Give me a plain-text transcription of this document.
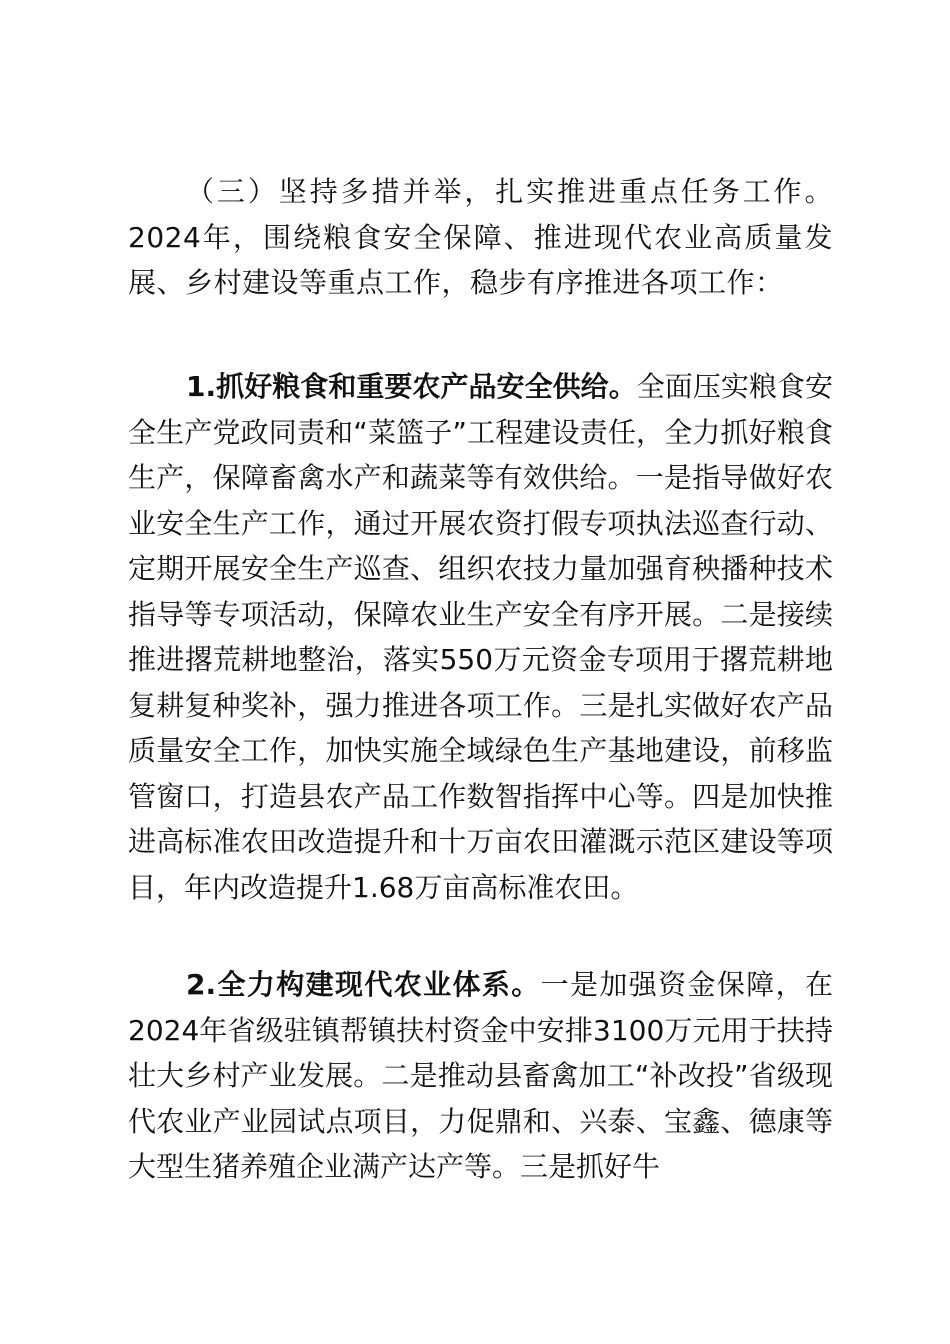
（三）坚持多措并举，扎实推进重点任务工作。2024年，围绕粮食安全保障、推进现代农业高质量发展、乡村建设等重点工作，稳步有序推进各项工作：

1.抓好粮食和重要农产品安全供给。全面压实粮食安全生产党政同责和“菜篮子”工程建设责任，全力抓好粮食生产，保障畜禽水产和蔬菜等有效供给。一是指导做好农业安全生产工作，通过开展农资打假专项执法巡查行动、定期开展安全生产巡查、组织农技力量加强育秧播种技术指导等专项活动，保障农业生产安全有序开展。二是接续推进撂荒耕地整治，落实550万元资金专项用于撂荒耕地复耕复种奖补，强力推进各项工作。三是扎实做好农产品质量安全工作，加快实施全域绿色生产基地建设，前移监管窗口，打造县农产品工作数智指挥中心等。四是加快推进高标准农田改造提升和十万亩农田灌溉示范区建设等项目，年内改造提升1.68万亩高标准农田。

2.全力构建现代农业体系。一是加强资金保障，在2024年省级驻镇帮镇扶村资金中安排3100万元用于扶持壮大乡村产业发展。二是推动县畜禽加工“补改投”省级现代农业产业园试点项目，力促鼎和、兴泰、宝鑫、德康等大型生猪养殖企业满产达产等。三是抓好牛
